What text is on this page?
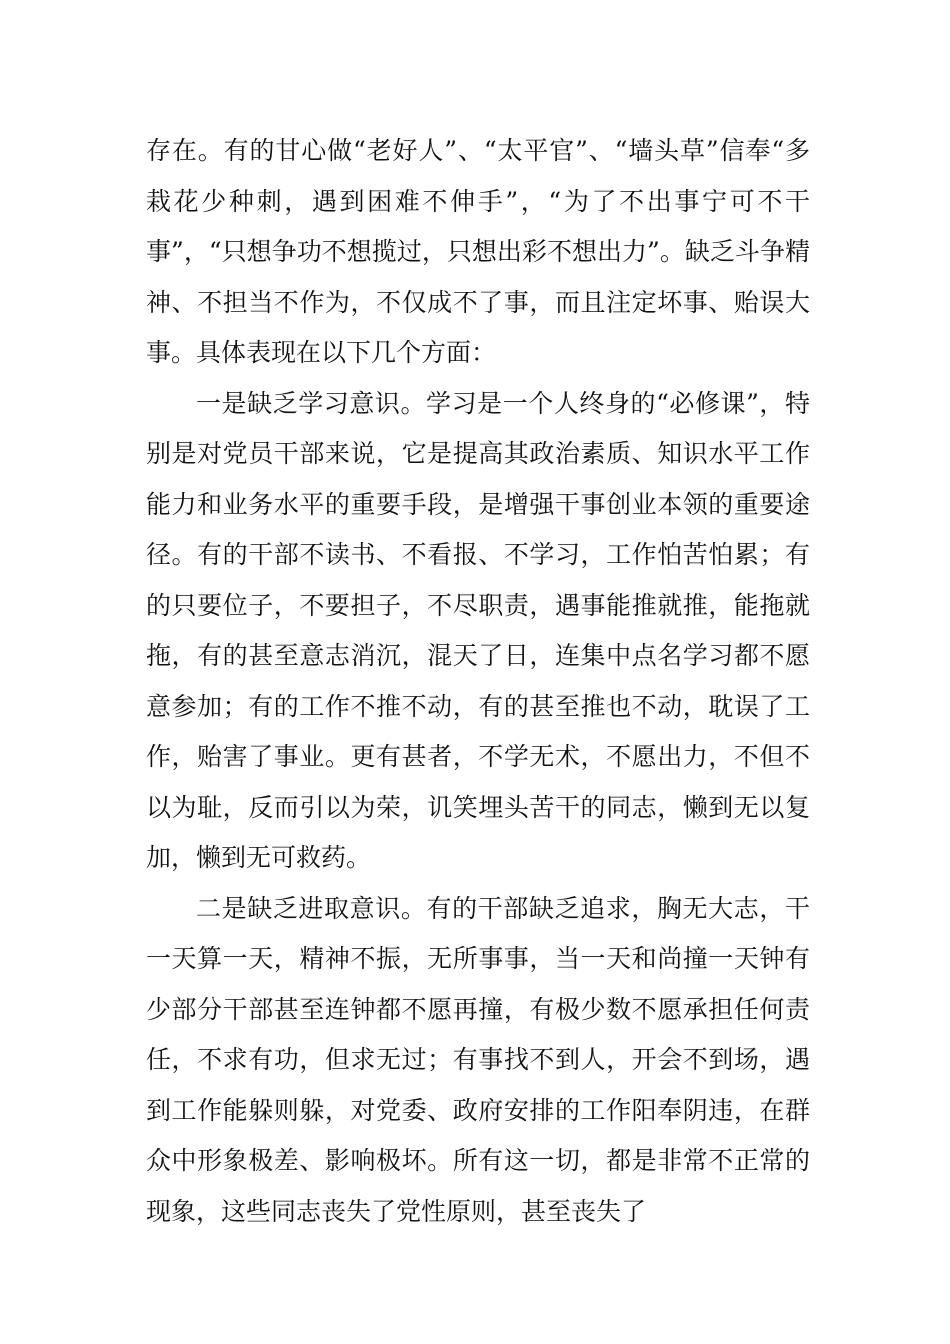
存在。有的甘心做“老好人”、“太平官”、“墙头草”信奉“多栽花少种刺，遇到困难不伸手”，“为了不出事宁可不干事”，“只想争功不想揽过，只想出彩不想出力”。缺乏斗争精神、不担当不作为，不仅成不了事，而且注定坏事、贻误大事。具体表现在以下几个方面：

一是缺乏学习意识。学习是一个人终身的“必修课”，特别是对党员干部来说，它是提高其政治素质、知识水平工作能力和业务水平的重要手段，是增强干事创业本领的重要途径。有的干部不读书、不看报、不学习，工作怕苦怕累；有的只要位子，不要担子，不尽职责，遇事能推就推，能拖就拖，有的甚至意志消沉，混天了日，连集中点名学习都不愿意参加；有的工作不推不动，有的甚至推也不动，耽误了工作，贻害了事业。更有甚者，不学无术，不愿出力，不但不以为耻，反而引以为荣，讥笑埋头苦干的同志，懒到无以复加，懒到无可救药。

二是缺乏进取意识。有的干部缺乏追求，胸无大志，干一天算一天，精神不振，无所事事，当一天和尚撞一天钟有少部分干部甚至连钟都不愿再撞，有极少数不愿承担任何责任，不求有功，但求无过；有事找不到人，开会不到场，遇到工作能躲则躲，对党委、政府安排的工作阳奉阴违，在群众中形象极差、影响极坏。所有这一切，都是非常不正常的现象，这些同志丧失了党性原则，甚至丧失了
